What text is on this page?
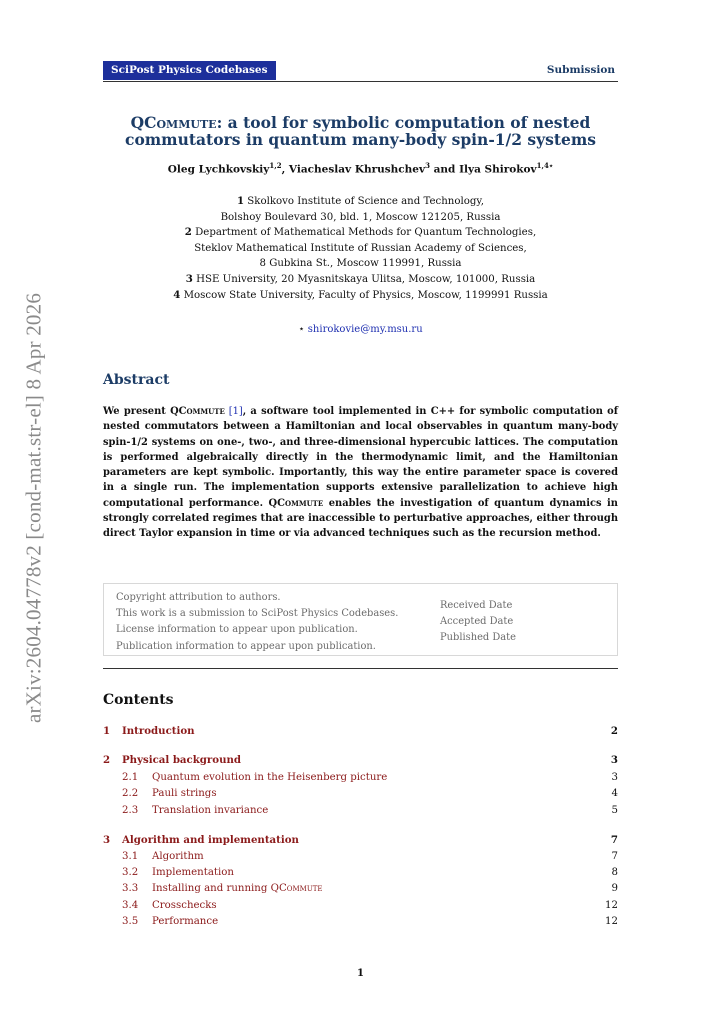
arXiv:2604.04778v2 [cond-mat.str-el] 8 Apr 2026
SciPost Physics Codebases	Submission
QCommute: a tool for symbolic computation of nested
commutators in quantum many-body spin-1/2 systems
Oleg Lychkovskiy$^{1,2}$, Viacheslav Khrushchev$^3$ and Ilya Shirokov$^{1,4⋆}$
1 Skolkovo Institute of Science and Technology,
Bolshoy Boulevard 30, bld. 1, Moscow 121205, Russia
2 Department of Mathematical Methods for Quantum Technologies,
Steklov Mathematical Institute of Russian Academy of Sciences,
8 Gubkina St., Moscow 119991, Russia
3 HSE University, 20 Myasnitskaya Ulitsa, Moscow, 101000, Russia
4 Moscow State University, Faculty of Physics, Moscow, 1199991 Russia
⋆ shirokovie@my.msu.ru
Abstract
We present QCommute [1], a software tool implemented in C++ for symbolic computation of nested commutators between a Hamiltonian and local observables in quantum many-body spin-1/2 systems on one-, two-, and three-dimensional hypercubic lattices. The computation is performed algebraically directly in the thermodynamic limit, and the Hamiltonian parameters are kept symbolic. Importantly, this way the entire parameter space is covered in a single run. The implementation supports extensive parallelization to achieve high computational performance. QCommute enables the investigation of quantum dynamics in strongly correlated regimes that are inaccessible to perturbative approaches, either through direct Taylor expansion in time or via advanced techniques such as the recursion method.
Copyright attribution to authors.
This work is a submission to SciPost Physics Codebases.
License information to appear upon publication.
Publication information to appear upon publication.
Received Date
Accepted Date
Published Date
Contents
1 Introduction	2
2 Physical background	3
2.1 Quantum evolution in the Heisenberg picture	3
2.2 Pauli strings	4
2.3 Translation invariance	5
3 Algorithm and implementation	7
3.1 Algorithm	7
3.2 Implementation	8
3.3 Installing and running QCommute	9
3.4 Crosschecks	12
3.5 Performance	12
1
